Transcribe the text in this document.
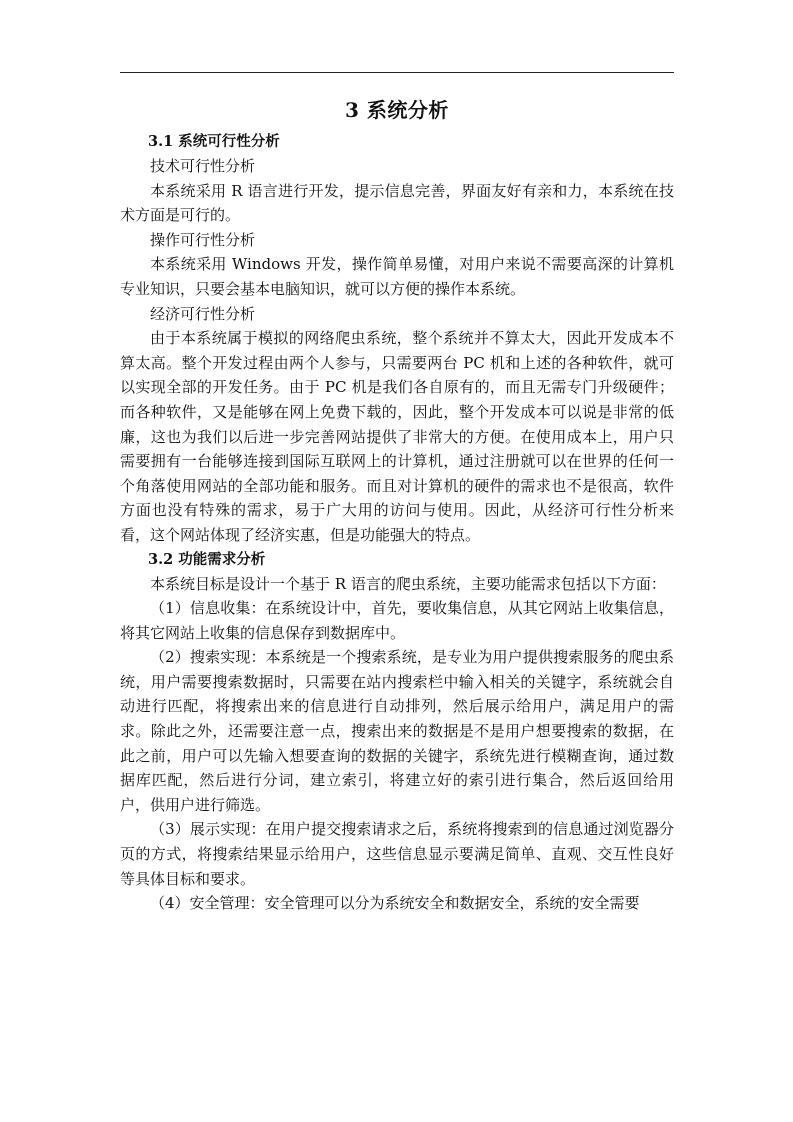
3 系统分析

3.1 系统可行性分析

技术可行性分析

本系统采用 R 语言进行开发，提示信息完善，界面友好有亲和力，本系统在技术方面是可行的。

操作可行性分析

本系统采用 Windows 开发，操作简单易懂，对用户来说不需要高深的计算机专业知识，只要会基本电脑知识，就可以方便的操作本系统。

经济可行性分析

由于本系统属于模拟的网络爬虫系统，整个系统并不算太大，因此开发成本不算太高。整个开发过程由两个人参与，只需要两台 PC 机和上述的各种软件，就可以实现全部的开发任务。由于 PC 机是我们各自原有的，而且无需专门升级硬件；而各种软件，又是能够在网上免费下载的，因此，整个开发成本可以说是非常的低廉，这也为我们以后进一步完善网站提供了非常大的方便。在使用成本上，用户只需要拥有一台能够连接到国际互联网上的计算机，通过注册就可以在世界的任何一个角落使用网站的全部功能和服务。而且对计算机的硬件的需求也不是很高，软件方面也没有特殊的需求，易于广大用的访问与使用。因此，从经济可行性分析来看，这个网站体现了经济实惠，但是功能强大的特点。

3.2 功能需求分析

本系统目标是设计一个基于 R 语言的爬虫系统，主要功能需求包括以下方面：

（1）信息收集：在系统设计中，首先，要收集信息，从其它网站上收集信息，将其它网站上收集的信息保存到数据库中。

（2）搜索实现：本系统是一个搜索系统，是专业为用户提供搜索服务的爬虫系统，用户需要搜索数据时，只需要在站内搜索栏中输入相关的关键字，系统就会自动进行匹配，将搜索出来的信息进行自动排列，然后展示给用户，满足用户的需求。除此之外，还需要注意一点，搜索出来的数据是不是用户想要搜索的数据，在此之前，用户可以先输入想要查询的数据的关键字，系统先进行模糊查询，通过数据库匹配，然后进行分词，建立索引，将建立好的索引进行集合，然后返回给用户，供用户进行筛选。

（3）展示实现：在用户提交搜索请求之后，系统将搜索到的信息通过浏览器分页的方式，将搜索结果显示给用户，这些信息显示要满足简单、直观、交互性良好等具体目标和要求。

（4）安全管理：安全管理可以分为系统安全和数据安全，系统的安全需要
